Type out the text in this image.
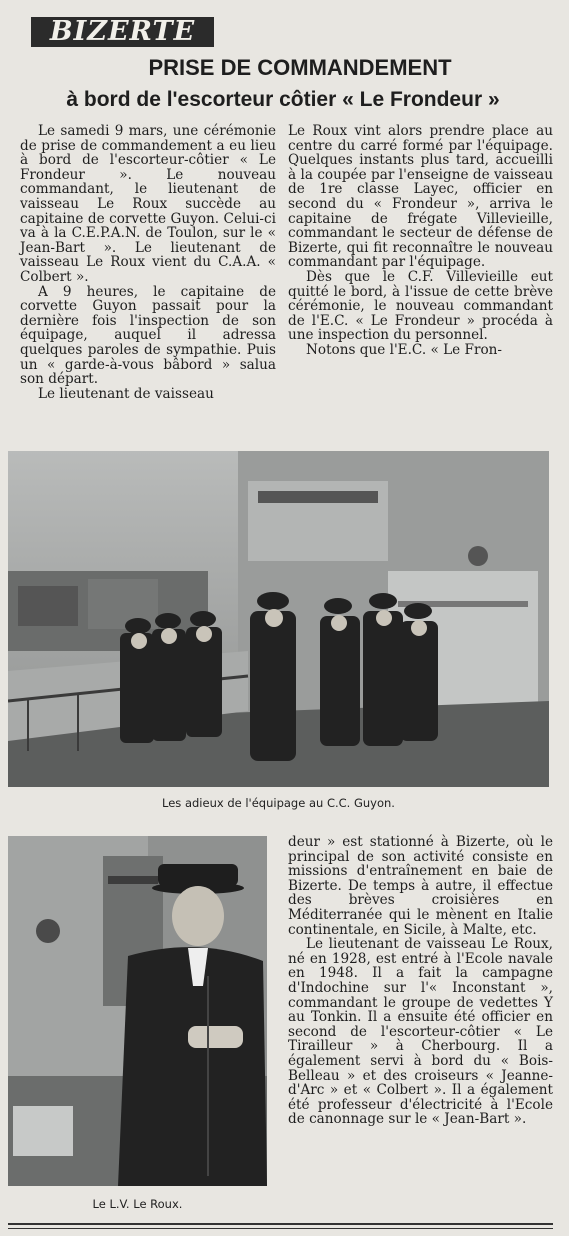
BIZERTE
PRISE DE COMMANDEMENT
à bord de l'escorteur côtier « Le Frondeur »

Le samedi 9 mars, une cérémonie de prise de commandement a eu lieu à bord de l'escorteur-côtier « Le Frondeur ». Le nouveau commandant, le lieutenant de vaisseau Le Roux succède au capitaine de corvette Guyon. Celui-ci va à la C.E.P.A.N. de Toulon, sur le « Jean-Bart ». Le lieutenant de vaisseau Le Roux vient du C.A.A. « Colbert ».

A 9 heures, le capitaine de corvette Guyon passait pour la dernière fois l'inspection de son équipage, auquel il adressa quelques paroles de sympathie. Puis un « garde-à-vous bâbord » salua son départ.

Le lieutenant de vaisseau

Le Roux vint alors prendre place au centre du carré formé par l'équipage. Quelques instants plus tard, accueilli à la coupée par l'enseigne de vaisseau de 1re classe Layec, officier en second du « Frondeur », arriva le capitaine de frégate Villevieille, commandant le secteur de défense de Bizerte, qui fit reconnaître le nouveau commandant par l'équipage.

Dès que le C.F. Villevieille eut quitté le bord, à l'issue de cette brève cérémonie, le nouveau commandant de l'E.C. « Le Frondeur » procéda à une inspection du personnel.

Notons que l'E.C. « Le Fron-

Les adieux de l'équipage au C.C. Guyon.
Le L.V. Le Roux.

deur » est stationné à Bizerte, où le principal de son activité consiste en missions d'entraînement en baie de Bizerte. De temps à autre, il effectue des brèves croisières en Méditerranée qui le mènent en Italie continentale, en Sicile, à Malte, etc.

Le lieutenant de vaisseau Le Roux, né en 1928, est entré à l'Ecole navale en 1948. Il a fait la campagne d'Indochine sur l'« Inconstant », commandant le groupe de vedettes Y au Tonkin. Il a ensuite été officier en second de l'escorteur-côtier « Le Tirailleur » à Cherbourg. Il a également servi à bord du « Bois-Belleau » et des croiseurs « Jeanne-d'Arc » et « Colbert ». Il a également été professeur d'électricité à l'Ecole de canonnage sur le « Jean-Bart ».
